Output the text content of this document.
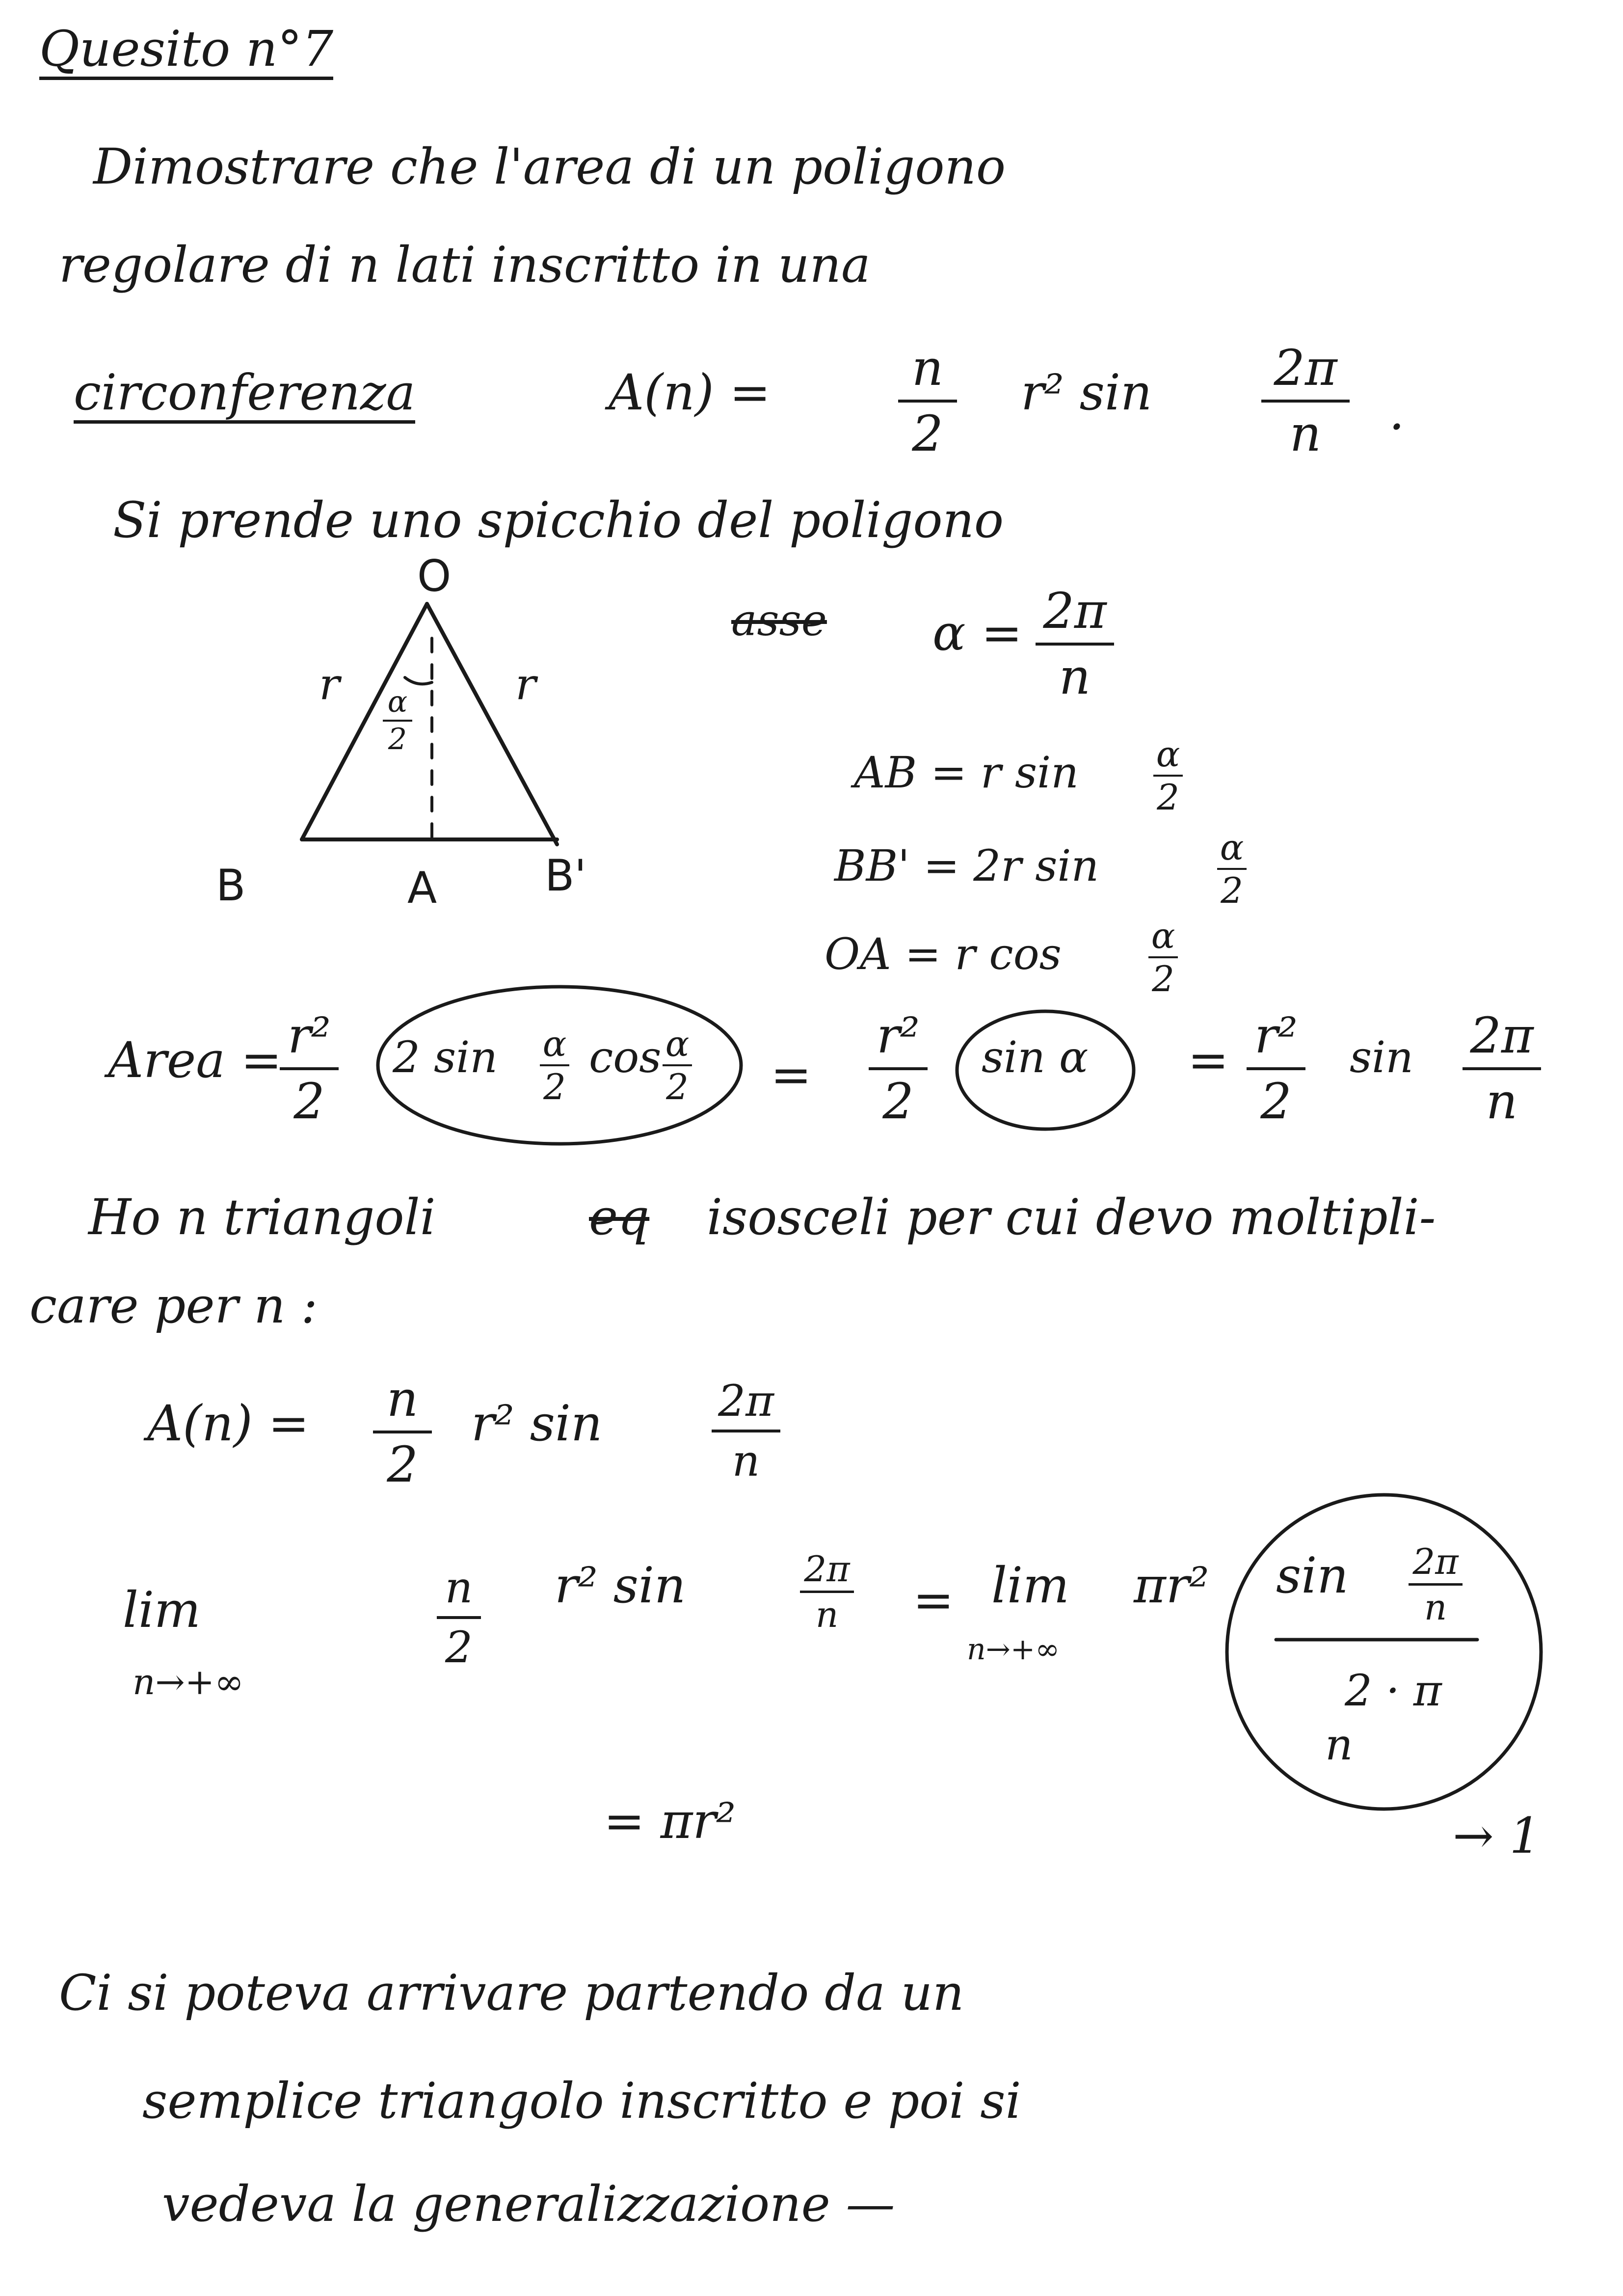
Quesito n°7
Dimostrare che l'area di un poligono
regolare di n lati inscritto in una
circonferenza	A(n) =	n
2
r² sin 2π
n .
Si prende uno spicchio del poligono
O
B	A B'
r	r
α
2
asse α = 2π
n
AB = r sin α
2
BB' = 2r sin	α
2
OA = r cos	α
2
Area = r²
2
2 sin α
2
cos α
2 =
r²
2
sin α = r²
2
sin 2π
n
Ho n triangoli	eq isosceli per cui devo moltipli-
care per n :
A(n) = n
2
r² sin	2π
n
lim
n→+∞
n
2
r² sin	2π
n = lim
n→+∞
πr² sin 2π
n
2 · π
n
→ 1
= πr²
Ci si poteva arrivare partendo da un
semplice triangolo inscritto e poi si
vedeva la generalizzazione —
